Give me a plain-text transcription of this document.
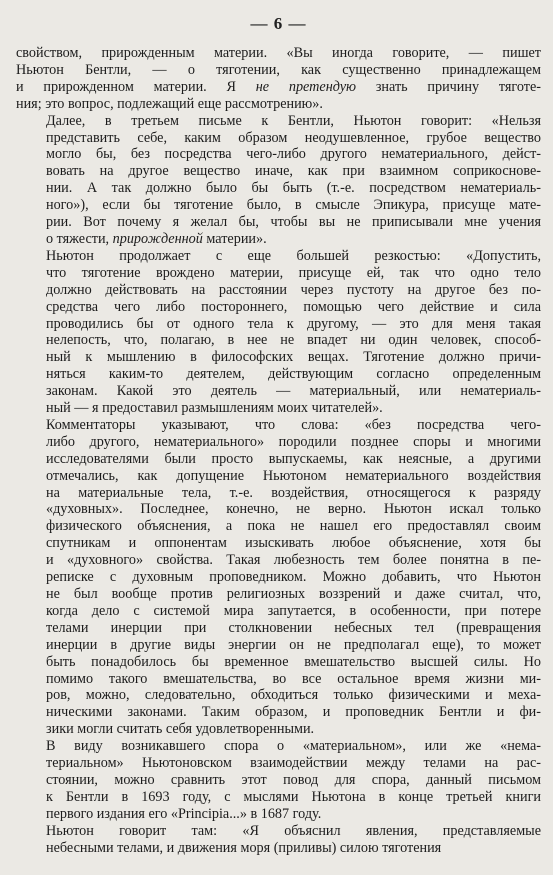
— 6 —

свойством, прирожденным материи. «Вы иногда говорите, — пишет
Ньютон Бентли, — о тяготении, как существенно принадлежащем
и прирожденном материи. Я не претендую знать причину тяготе-
ния; это вопрос, подлежащий еще рассмотрению».

Далее, в третьем письме к Бентли, Ньютон говорит: «Нельзя
представить себе, каким образом неодушевленное, грубое вещество
могло бы, без посредства чего-либо другого нематериального, дейст-
вовать на другое вещество иначе, как при взаимном соприкоснове-
нии. А так должно было бы быть (т.-е. посредством нематериаль-
ного»), если бы тяготение было, в смысле Эпикура, присуще мате-
рии. Вот почему я желал бы, чтобы вы не приписывали мне учения
о тяжести, прирожденной материи».

Ньютон продолжает с еще большей резкостью: «Допустить,
что тяготение врождено материи, присуще ей, так что одно тело
должно действовать на расстоянии через пустоту на другое без по-
средства чего либо постороннего, помощью чего действие и сила
проводились бы от одного тела к другому, — это для меня такая
нелепость, что, полагаю, в нее не впадет ни один человек, способ-
ный к мышлению в философских вещах. Тяготение должно причи-
няться каким-то деятелем, действующим согласно определенным
законам. Какой это деятель — материальный, или нематериаль-
ный — я предоставил размышлениям моих читателей».

Комментаторы указывают, что слова: «без посредства чего-
либо другого, нематериального» породили позднее споры и многими
исследователями были просто выпускаемы, как неясные, а другими
отмечались, как допущение Ньютоном нематериального воздействия
на материальные тела, т.-е. воздействия, относящегося к разряду
«духовных». Последнее, конечно, не верно. Ньютон искал только
физического объяснения, а пока не нашел его предоставлял своим
спутникам и оппонентам изыскивать любое объяснение, хотя бы
и «духовного» свойства. Такая любезность тем более понятна в пе-
реписке с духовным проповедником. Можно добавить, что Ньютон
не был вообще против религиозных воззрений и даже считал, что,
когда дело с системой мира запутается, в особенности, при потере
телами инерции при столкновении небесных тел (превращения
инерции в другие виды энергии он не предполагал еще), то может
быть понадобилось бы временное вмешательство высшей силы. Но
помимо такого вмешательства, во все остальное время жизни ми-
ров, можно, следовательно, обходиться только физическими и меха-
ническими законами. Таким образом, и проповедник Бентли и фи-
зики могли считать себя удовлетворенными.

В виду возникавшего спора о «материальном», или же «нема-
териальном» Ньютоновском взаимодействии между телами на рас-
стоянии, можно сравнить этот повод для спора, данный письмом
к Бентли в 1693 году, с мыслями Ньютона в конце третьей книги
первого издания его «Principia...» в 1687 году.

Ньютон говорит там: «Я объяснил явления, представляемые
небесными телами, и движения моря (приливы) силою тяготения
